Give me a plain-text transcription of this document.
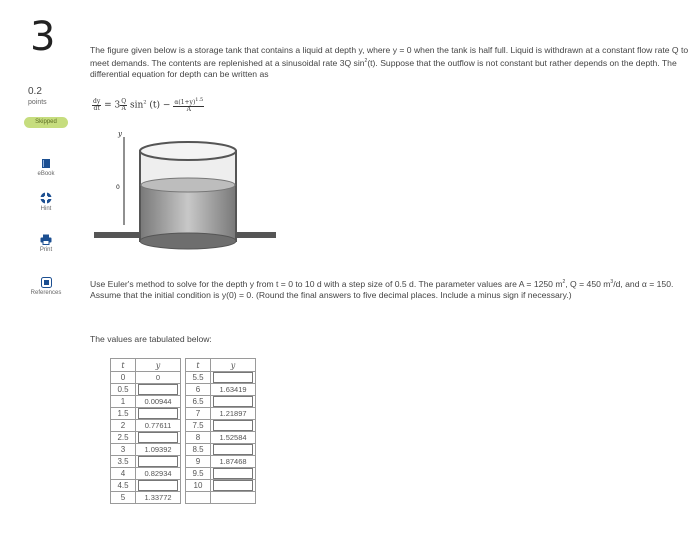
3
0.2
points
Skipped
eBook
Hint
Print
References
The figure given below is a storage tank that contains a liquid at depth y, where y = 0 when the tank is half full. Liquid is withdrawn at a constant flow rate Q to meet demands. The contents are replenished at a sinusoidal rate 3Q $\sin^2(t)$. Suppose that the outflow is not constant but rather depends on the depth. The differential equation for depth can be written as
$\frac{dy}{dt} = 3\frac{Q}{A} \sin^2 (t) - \frac{\alpha(1+y)^{1.5}}{A}$
y
0
Use Euler's method to solve for the depth y from t = 0 to 10 d with a step size of 0.5 d. The parameter values are A = 1250 $m^2$, Q = 450 $m^3/d$, and α = 150. Assume that the initial condition is y(0) = 0. (Round the final answers to five decimal places. Include a minus sign if necessary.)
The values are tabulated below:
t	y		t	y
0	0		5.5	

0.5			6	1.63419

1	0.00944		6.5	

1.5			7	1.21897

2	0.77611		7.5	

2.5			8	1.52584

3	1.09392		8.5	

3.5			9	1.87468

4	0.82934		9.5	

4.5			10	

5	1.33772			
